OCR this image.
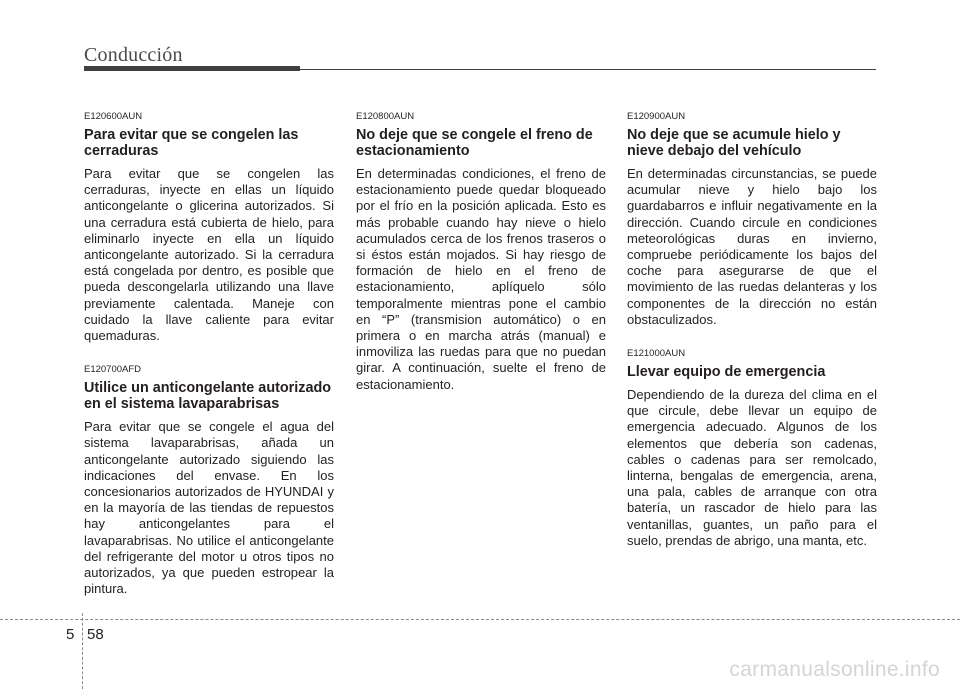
Conducción
E120600AUN
Para evitar que se congelen las cerraduras

Para evitar que se congelen las cerraduras, inyecte en ellas un líquido anticongelante o glicerina autorizados. Si una cerradura está cubierta de hielo, para eliminarlo inyecte en ella un líquido anticongelante autorizado. Si la cerradura está congelada por dentro, es posible que pueda descongelarla utilizando una llave previamente calentada. Maneje con cuidado la llave caliente para evitar quemaduras.

E120700AFD
Utilice un anticongelante autorizado en el sistema lavaparabrisas

Para evitar que se congele el agua del sistema lavaparabrisas, añada un anticongelante autorizado siguiendo las indicaciones del envase. En los concesionarios autorizados de HYUNDAI y en la mayoría de las tiendas de repuestos hay anticongelantes para el lavaparabrisas. No utilice el anticongelante del refrigerante del motor u otros tipos no autorizados, ya que pueden estropear la pintura.

E120800AUN
No deje que se congele el freno de estacionamiento

En determinadas condiciones, el freno de estacionamiento puede quedar bloqueado por el frío en la posición aplicada. Esto es más probable cuando hay nieve o hielo acumulados cerca de los frenos traseros o si éstos están mojados. Si hay riesgo de formación de hielo en el freno de estacionamiento, aplíquelo sólo temporalmente mientras pone el cambio en “P” (transmision automático) o en primera o en marcha atrás (manual) e inmoviliza las ruedas para que no puedan girar. A continuación, suelte el freno de estacionamiento.

E120900AUN
No deje que se acumule hielo y nieve debajo del vehículo

En determinadas circunstancias, se puede acumular nieve y hielo bajo los guardabarros e influir negativamente en la dirección. Cuando circule en condiciones meteorológicas duras en invierno, compruebe periódicamente los bajos del coche para asegurarse de que el movimiento de las ruedas delanteras y los componentes de la dirección no están obstaculizados.

E121000AUN
Llevar equipo de emergencia

Dependiendo de la dureza del clima en el que circule, debe llevar un equipo de emergencia adecuado. Algunos de los elementos que debería son cadenas, cables o cadenas para ser remolcado, linterna, bengalas de emergencia, arena, una pala, cables de arranque con otra batería, un rascador de hielo para las ventanillas, guantes, un paño para el suelo, prendas de abrigo, una manta, etc.

5 58
carmanualsonline.info
